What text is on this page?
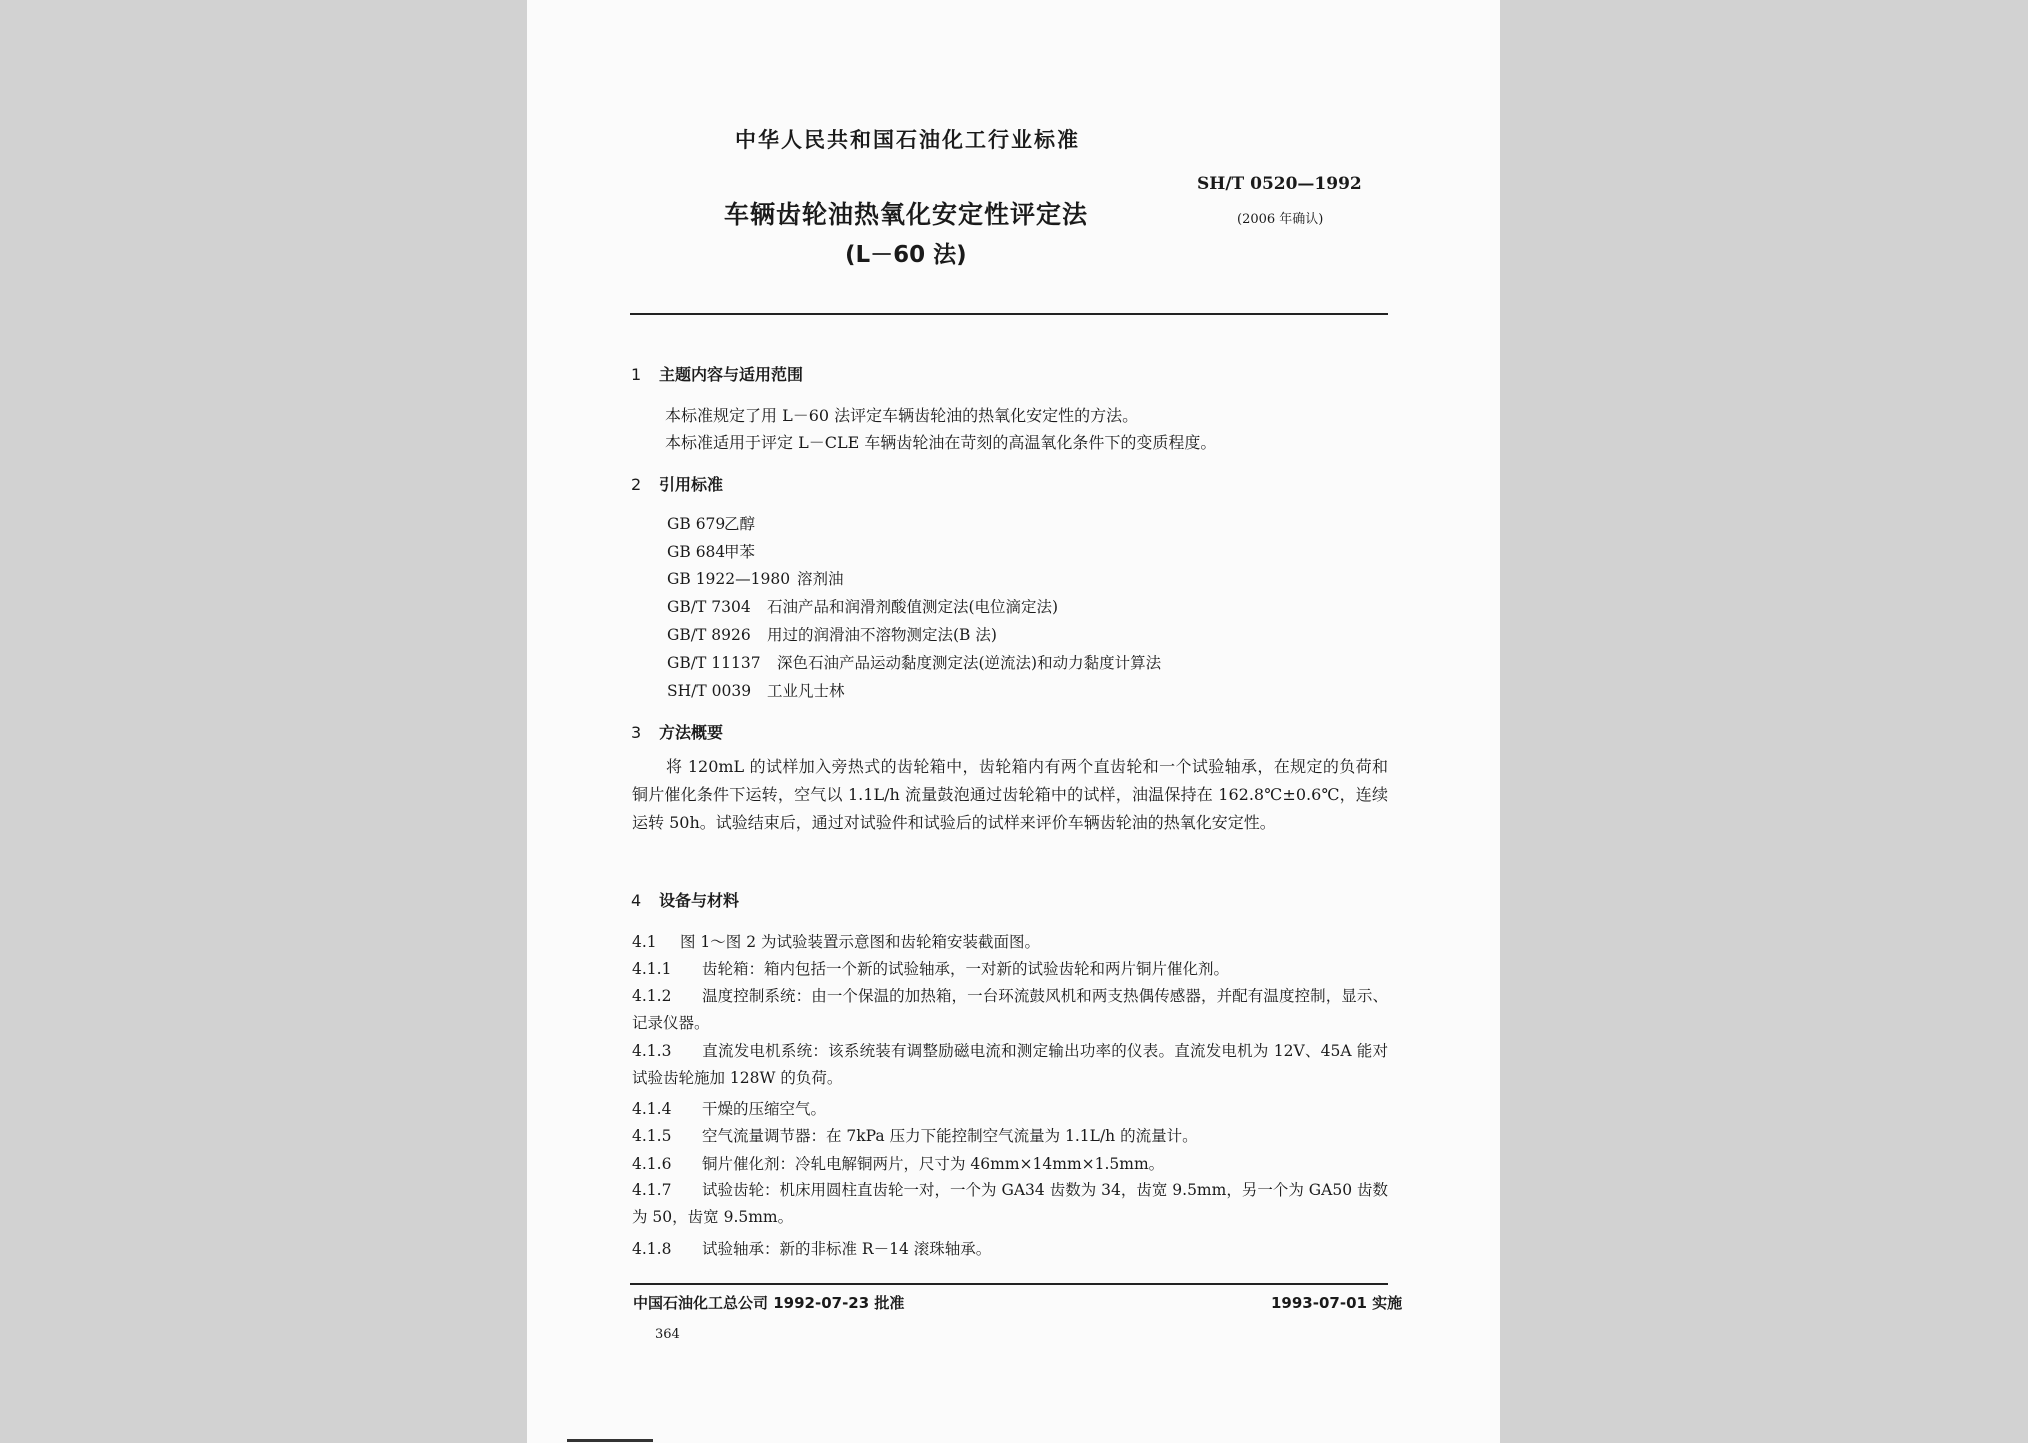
中华人民共和国石油化工行业标准
SH/T 0520—1992
(2006 年确认)
车辆齿轮油热氧化安定性评定法
(L－60 法)
1 主题内容与适用范围
本标准规定了用 L－60 法评定车辆齿轮油的热氧化安定性的方法。
本标准适用于评定 L－CLE 车辆齿轮油在苛刻的高温氧化条件下的变质程度。
2 引用标准
GB 679乙醇
GB 684甲苯
GB 1922—1980 溶剂油
GB/T 7304 石油产品和润滑剂酸值测定法(电位滴定法)
GB/T 8926 用过的润滑油不溶物测定法(B 法)
GB/T 11137 深色石油产品运动黏度测定法(逆流法)和动力黏度计算法
SH/T 0039 工业凡士林
3 方法概要
将 120mL 的试样加入旁热式的齿轮箱中，齿轮箱内有两个直齿轮和一个试验轴承，在规定的负荷和铜片催化条件下运转，空气以 1.1L/h 流量鼓泡通过齿轮箱中的试样，油温保持在 162.8℃±0.6℃，连续运转 50h。试验结束后，通过对试验件和试验后的试样来评价车辆齿轮油的热氧化安定性。
4 设备与材料
4.1 图 1～图 2 为试验装置示意图和齿轮箱安装截面图。
4.1.1 齿轮箱：箱内包括一个新的试验轴承，一对新的试验齿轮和两片铜片催化剂。
4.1.2 温度控制系统：由一个保温的加热箱，一台环流鼓风机和两支热偶传感器，并配有温度控制，显示、记录仪器。
4.1.3 直流发电机系统：该系统装有调整励磁电流和测定输出功率的仪表。直流发电机为 12V、45A 能对试验齿轮施加 128W 的负荷。
4.1.4 干燥的压缩空气。
4.1.5 空气流量调节器：在 7kPa 压力下能控制空气流量为 1.1L/h 的流量计。
4.1.6 铜片催化剂：冷轧电解铜两片，尺寸为 46mm×14mm×1.5mm。
4.1.7 试验齿轮：机床用圆柱直齿轮一对，一个为 GA34 齿数为 34，齿宽 9.5mm，另一个为 GA50 齿数为 50，齿宽 9.5mm。
4.1.8 试验轴承：新的非标准 R－14 滚珠轴承。
中国石油化工总公司 1992-07-23 批准	1993-07-01 实施
364
